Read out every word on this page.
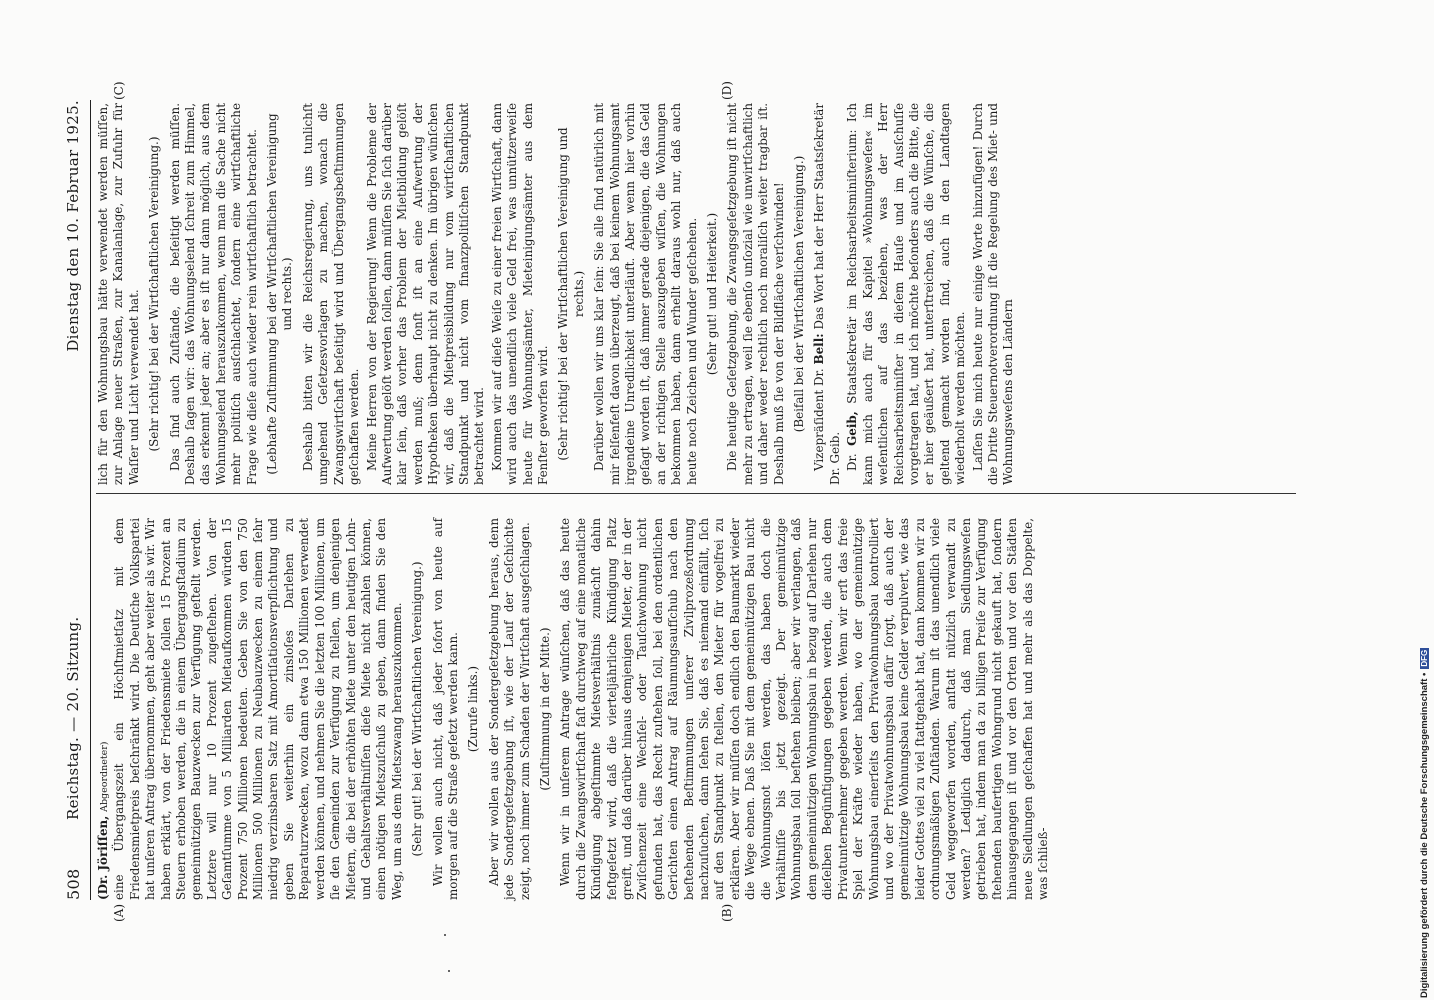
508
Reichstag. — 20. Sitzung.
Dienstag den 10. Februar 1925.
(A)	(B)
(C)	(D)

(Dr. Jöriſſen, Abgeordneter) eine Übergangszeit ein Höchſtmietſatz mit dem Friedensmietpreis beſchränkt wird. Die Deutſche Volkspartei hat unſeren Antrag übernommen, geht aber weiter als wir. Wir haben erklärt, von der Friedensmiete ſollen 15 Prozent an Steuern erhoben werden, die in einem Übergangsſtadium zu gemeinnützigen Bauzwecken zur Verfügung geſtellt werden. Letztere will nur 10 Prozent zugeſtehen. Von der Geſamtſumme von 5 Milliarden Mietaufkommen würden 15 Prozent 750 Millionen bedeuten. Geben Sie von den 750 Millionen 500 Millionen zu Neubauzwecken zu einem ſehr niedrig verzinsbaren Satz mit Amortiſationsverpflichtung und geben Sie weiterhin ein zinsloſes Darlehen zu Reparaturzwecken, wozu dann etwa 150 Millionen verwendet werden können, und nehmen Sie die letzten 100 Millionen, um ſie den Gemeinden zur Verfügung zu ſtellen, um denjenigen Mietern, die bei der erhöhten Miete unter den heutigen Lohn- und Gehaltsverhältniſſen dieſe Miete nicht zahlen können, einen nötigen Mietszuſchuß zu geben, dann finden Sie den Weg, um aus dem Mietszwang herauszukommen. (Sehr gut! bei der Wirtſchaftlichen Vereinigung.) Wir wollen auch nicht, daß jeder ſofort von heute auf morgen auf die Straße geſetzt werden kann. (Zurufe links.) Aber wir wollen aus der Sondergeſetzgebung heraus, denn jede Sondergeſetzgebung iſt, wie der Lauf der Geſchichte zeigt, noch immer zum Schaden der Wirtſchaft ausgeſchlagen. (Zuſtimmung in der Mitte.) Wenn wir in unſerem Antrage wünſchen, daß das heute durch die Zwangswirtſchaft faſt durchweg auf eine monatliche Kündigung abgeſtimmte Mietsverhältnis zunächſt dahin feſtgeſetzt wird, daß die vierteljährliche Kündigung Platz greift, und daß darüber hinaus demjenigen Mieter, der in der Zwiſchenzeit eine Wechſel- oder Tauſchwohnung nicht gefunden hat, das Recht zuſtehen ſoll, bei den ordentlichen Gerichten einen Antrag auf Räumungsaufſchub nach den beſtehenden Beſtimmungen unſerer Zivilprozeßordnung nachzuſuchen, dann ſehen Sie, daß es niemand einfällt, ſich auf den Standpunkt zu ſtellen, den Mieter für vogelfrei zu erklären. Aber wir müſſen doch endlich den Baumarkt wieder die Wege ebnen. Daß Sie mit dem gemeinnützigen Bau nicht die Wohnungsnot löſen werden, das haben doch die Verhältniſſe bis jetzt gezeigt. Der gemeinnützige Wohnungsbau ſoll beſtehen bleiben; aber wir verlangen, daß dem gemeinnützigen Wohnungsbau in bezug auf Darlehen nur dieſelben Begünſtigungen gegeben werden, die auch dem Privatunternehmer gegeben werden. Wenn wir erſt das freie Spiel der Kräfte wieder haben, wo der gemeinnützige Wohnungsbau einerſeits den Privatwohnungsbau kontrolliert und wo der Privatwohnungsbau dafür ſorgt, daß auch der gemeinnützige Wohnungsbau keine Gelder verpulvert, wie das leider Gottes viel zu viel ſtattgehabt hat, dann kommen wir zu ordnungsmäßigen Zuſtänden. Warum iſt das unendlich viele Geld weggeworfen worden, anſtatt nützlich verwandt zu werden? Lediglich dadurch, daß man Siedlungsweſen getrieben hat, indem man da zu billigen Preiſe zur Verfügung ſtehenden baufertigen Wohngrund nicht gekauft hat, ſondern hinausgegangen iſt und vor den Orten und vor den Städten neue Siedlungen geſchaffen hat und mehr als das Doppelte, was ſchließ-

lich für den Wohnungsbau hätte verwendet werden müſſen, zur Anlage neuer Straßen, zur Kanalanlage, zur Zufuhr für Waſſer und Licht verwendet hat. (Sehr richtig! bei der Wirtſchaftlichen Vereinigung.) Das ſind auch Zuſtände, die beſeitigt werden müſſen. Deshalb ſagen wir: das Wohnungselend ſchreit zum Himmel, das erkennt jeder an; aber es iſt nur dann möglich, aus dem Wohnungselend herauszukommen, wenn man die Sache nicht mehr politiſch ausſchlachtet, ſondern eine wirtſchaftliche Frage wie dieſe auch wieder rein wirtſchaftlich betrachtet. (Lebhafte Zuſtimmung bei der Wirtſchaftlichen Vereinigung und rechts.) Deshalb bitten wir die Reichsregierung, uns tunlichſt umgehend Geſetzesvorlagen zu machen, wonach die Zwangswirtſchaft beſeitigt wird und Übergangsbeſtimmungen geſchaffen werden. Meine Herren von der Regierung! Wenn die Probleme der Aufwertung gelöſt werden ſollen, dann müſſen Sie ſich darüber klar ſein, daß vorher das Problem der Mietbildung gelöſt werden muß; denn ſonſt iſt an eine Aufwertung der Hypotheken überhaupt nicht zu denken. Im übrigen wünſchen wir, daß die Mietpreisbildung nur vom wirtſchaftlichen Standpunkt und nicht vom finanzpolitiſchen Standpunkt betrachtet wird. Kommen wir auf dieſe Weiſe zu einer freien Wirtſchaft, dann wird auch das unendlich viele Geld frei, was unnützerweiſe heute für Wohnungsämter, Mieteinigungsämter aus dem Fenſter geworfen wird. (Sehr richtig! bei der Wirtſchaftlichen Vereinigung und rechts.) Darüber wollen wir uns klar ſein: Sie alle ſind natürlich mit mir felſenfeſt davon überzeugt, daß bei keinem Wohnungsamt irgendeine Unredlichkeit unterläuft. Aber wenn hier vorhin geſagt worden iſt, daß immer gerade diejenigen, die das Geld an der richtigen Stelle auszugeben wiſſen, die Wohnungen bekommen haben, dann erhellt daraus wohl nur, daß auch heute noch Zeichen und Wunder geſchehen. (Sehr gut! und Heiterkeit.) Die heutige Geſetzgebung, die Zwangsgeſetzgebung iſt nicht mehr zu ertragen, weil ſie ebenſo unſozial wie unwirtſchaftlich und daher weder rechtlich noch moraliſch weiter tragbar iſt. Deshalb muß ſie von der Bildfläche verſchwinden! (Beifall bei der Wirtſchaftlichen Vereinigung.) Vizepräſident Dr. Bell: Das Wort hat der Herr Staatsſekretär Dr. Geib. Dr. Geib, Staatsſekretär im Reichsarbeitsminiſterium: Ich kann mich auch für das Kapitel »Wohnungsweſen« im weſentlichen auf das beziehen, was der Herr Reichsarbeitsminiſter in dieſem Hauſe und im Ausſchuſſe vorgetragen hat, und ich möchte beſonders auch die Bitte, die er hier geäußert hat, unterſtreichen, daß die Wünſche, die geltend gemacht worden ſind, auch in den Landtagen wiederholt werden möchten. Laſſen Sie mich heute nur einige Worte hinzufügen! Durch die Dritte Steuernotverordnung iſt die Regelung des Miet- und Wohnungsweſens den Ländern

Digitalisierung gefördert durch die Deutsche Forschungsgemeinschaft •DFG
